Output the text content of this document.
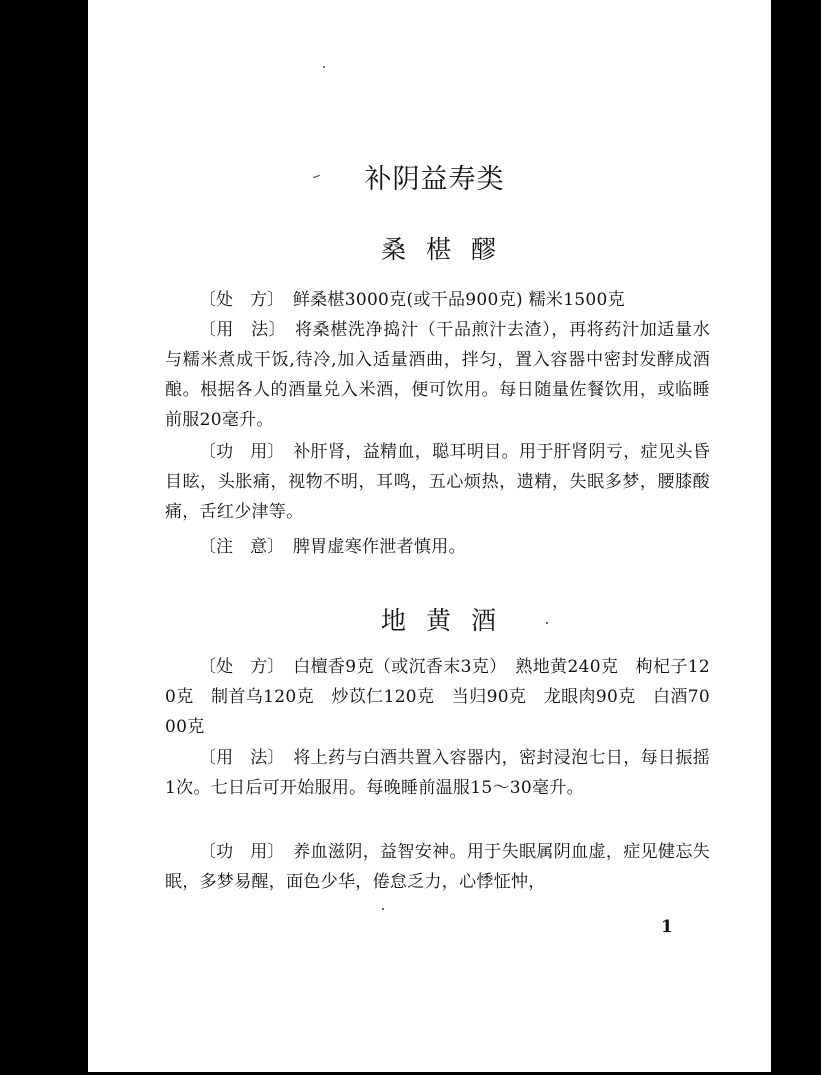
补阴益寿类
桑椹醪

〔处　方〕　 鲜桑椹3000克(或干品900克) 糯米1500克

〔用　法〕　 将桑椹洗净捣汁（干品煎汁去渣），再将药汁加适量水与糯米煮成干饭,待冷,加入适量酒曲，拌匀，置入容器中密封发酵成酒酿。根据各人的酒量兑入米酒，便可饮用。每日随量佐餐饮用，或临睡前服20毫升。

〔功　用〕　 补肝肾，益精血，聪耳明目。用于肝肾阴亏，症见头昏目眩，头胀痛，视物不明，耳鸣，五心烦热，遗精，失眠多梦，腰膝酸痛，舌红少津等。

〔注　意〕　 脾胃虚寒作泄者慎用。

地黄酒

〔处　方〕　 白檀香9克（或沉香末3克）　熟地黄240克　枸杞子120克　制首乌120克　炒苡仁120克　当归90克　龙眼肉90克　白酒7000克

〔用　法〕　 将上药与白酒共置入容器内，密封浸泡七日，每日振摇1次。七日后可开始服用。每晚睡前温服15～30毫升。

〔功　用〕　 养血滋阴，益智安神。用于失眠属阴血虚，症见健忘失眠，多梦易醒，面色少华，倦怠乏力，心悸怔忡，

1
